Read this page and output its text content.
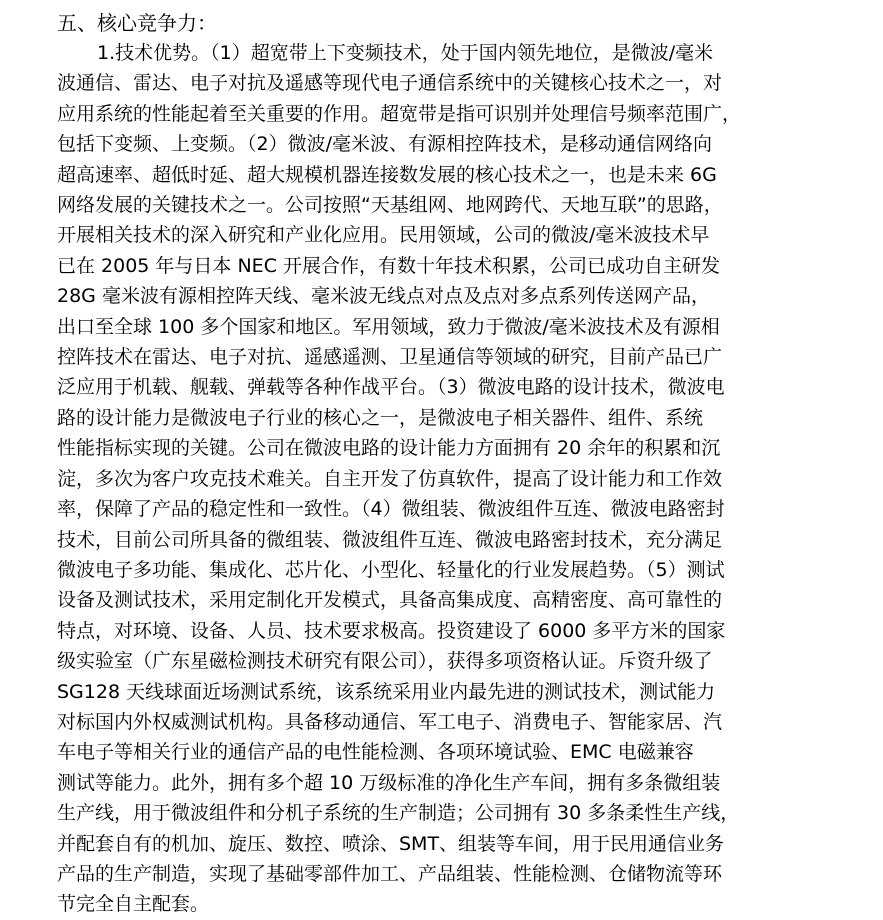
五、核心竞争力：
1.技术优势。（1）超宽带上下变频技术，处于国内领先地位，是微波/毫米
波通信、雷达、电子对抗及遥感等现代电子通信系统中的关键核心技术之一，对
应用系统的性能起着至关重要的作用。超宽带是指可识别并处理信号频率范围广，
包括下变频、上变频。（2）微波/毫米波、有源相控阵技术，是移动通信网络向
超高速率、超低时延、超大规模机器连接数发展的核心技术之一，也是未来 6G
网络发展的关键技术之一。公司按照“天基组网、地网跨代、天地互联”的思路，
开展相关技术的深入研究和产业化应用。民用领域，公司的微波/毫米波技术早
已在 2005 年与日本 NEC 开展合作，有数十年技术积累，公司已成功自主研发
28G 毫米波有源相控阵天线、毫米波无线点对点及点对多点系列传送网产品，
出口至全球 100 多个国家和地区。军用领域，致力于微波/毫米波技术及有源相
控阵技术在雷达、电子对抗、遥感遥测、卫星通信等领域的研究，目前产品已广
泛应用于机载、舰载、弹载等各种作战平台。（3）微波电路的设计技术，微波电
路的设计能力是微波电子行业的核心之一，是微波电子相关器件、组件、系统
性能指标实现的关键。公司在微波电路的设计能力方面拥有 20 余年的积累和沉
淀，多次为客户攻克技术难关。自主开发了仿真软件，提高了设计能力和工作效
率，保障了产品的稳定性和一致性。（4）微组装、微波组件互连、微波电路密封
技术，目前公司所具备的微组装、微波组件互连、微波电路密封技术，充分满足
微波电子多功能、集成化、芯片化、小型化、轻量化的行业发展趋势。（5）测试
设备及测试技术，采用定制化开发模式，具备高集成度、高精密度、高可靠性的
特点，对环境、设备、人员、技术要求极高。投资建设了 6000 多平方米的国家
级实验室（广东星磁检测技术研究有限公司），获得多项资格认证。斥资升级了
SG128 天线球面近场测试系统，该系统采用业内最先进的测试技术，测试能力
对标国内外权威测试机构。具备移动通信、军工电子、消费电子、智能家居、汽
车电子等相关行业的通信产品的电性能检测、各项环境试验、EMC 电磁兼容
测试等能力。此外，拥有多个超 10 万级标准的净化生产车间，拥有多条微组装
生产线，用于微波组件和分机子系统的生产制造；公司拥有 30 多条柔性生产线，
并配套自有的机加、旋压、数控、喷涂、SMT、组装等车间，用于民用通信业务
产品的生产制造，实现了基础零部件加工、产品组装、性能检测、仓储物流等环
节完全自主配套。
